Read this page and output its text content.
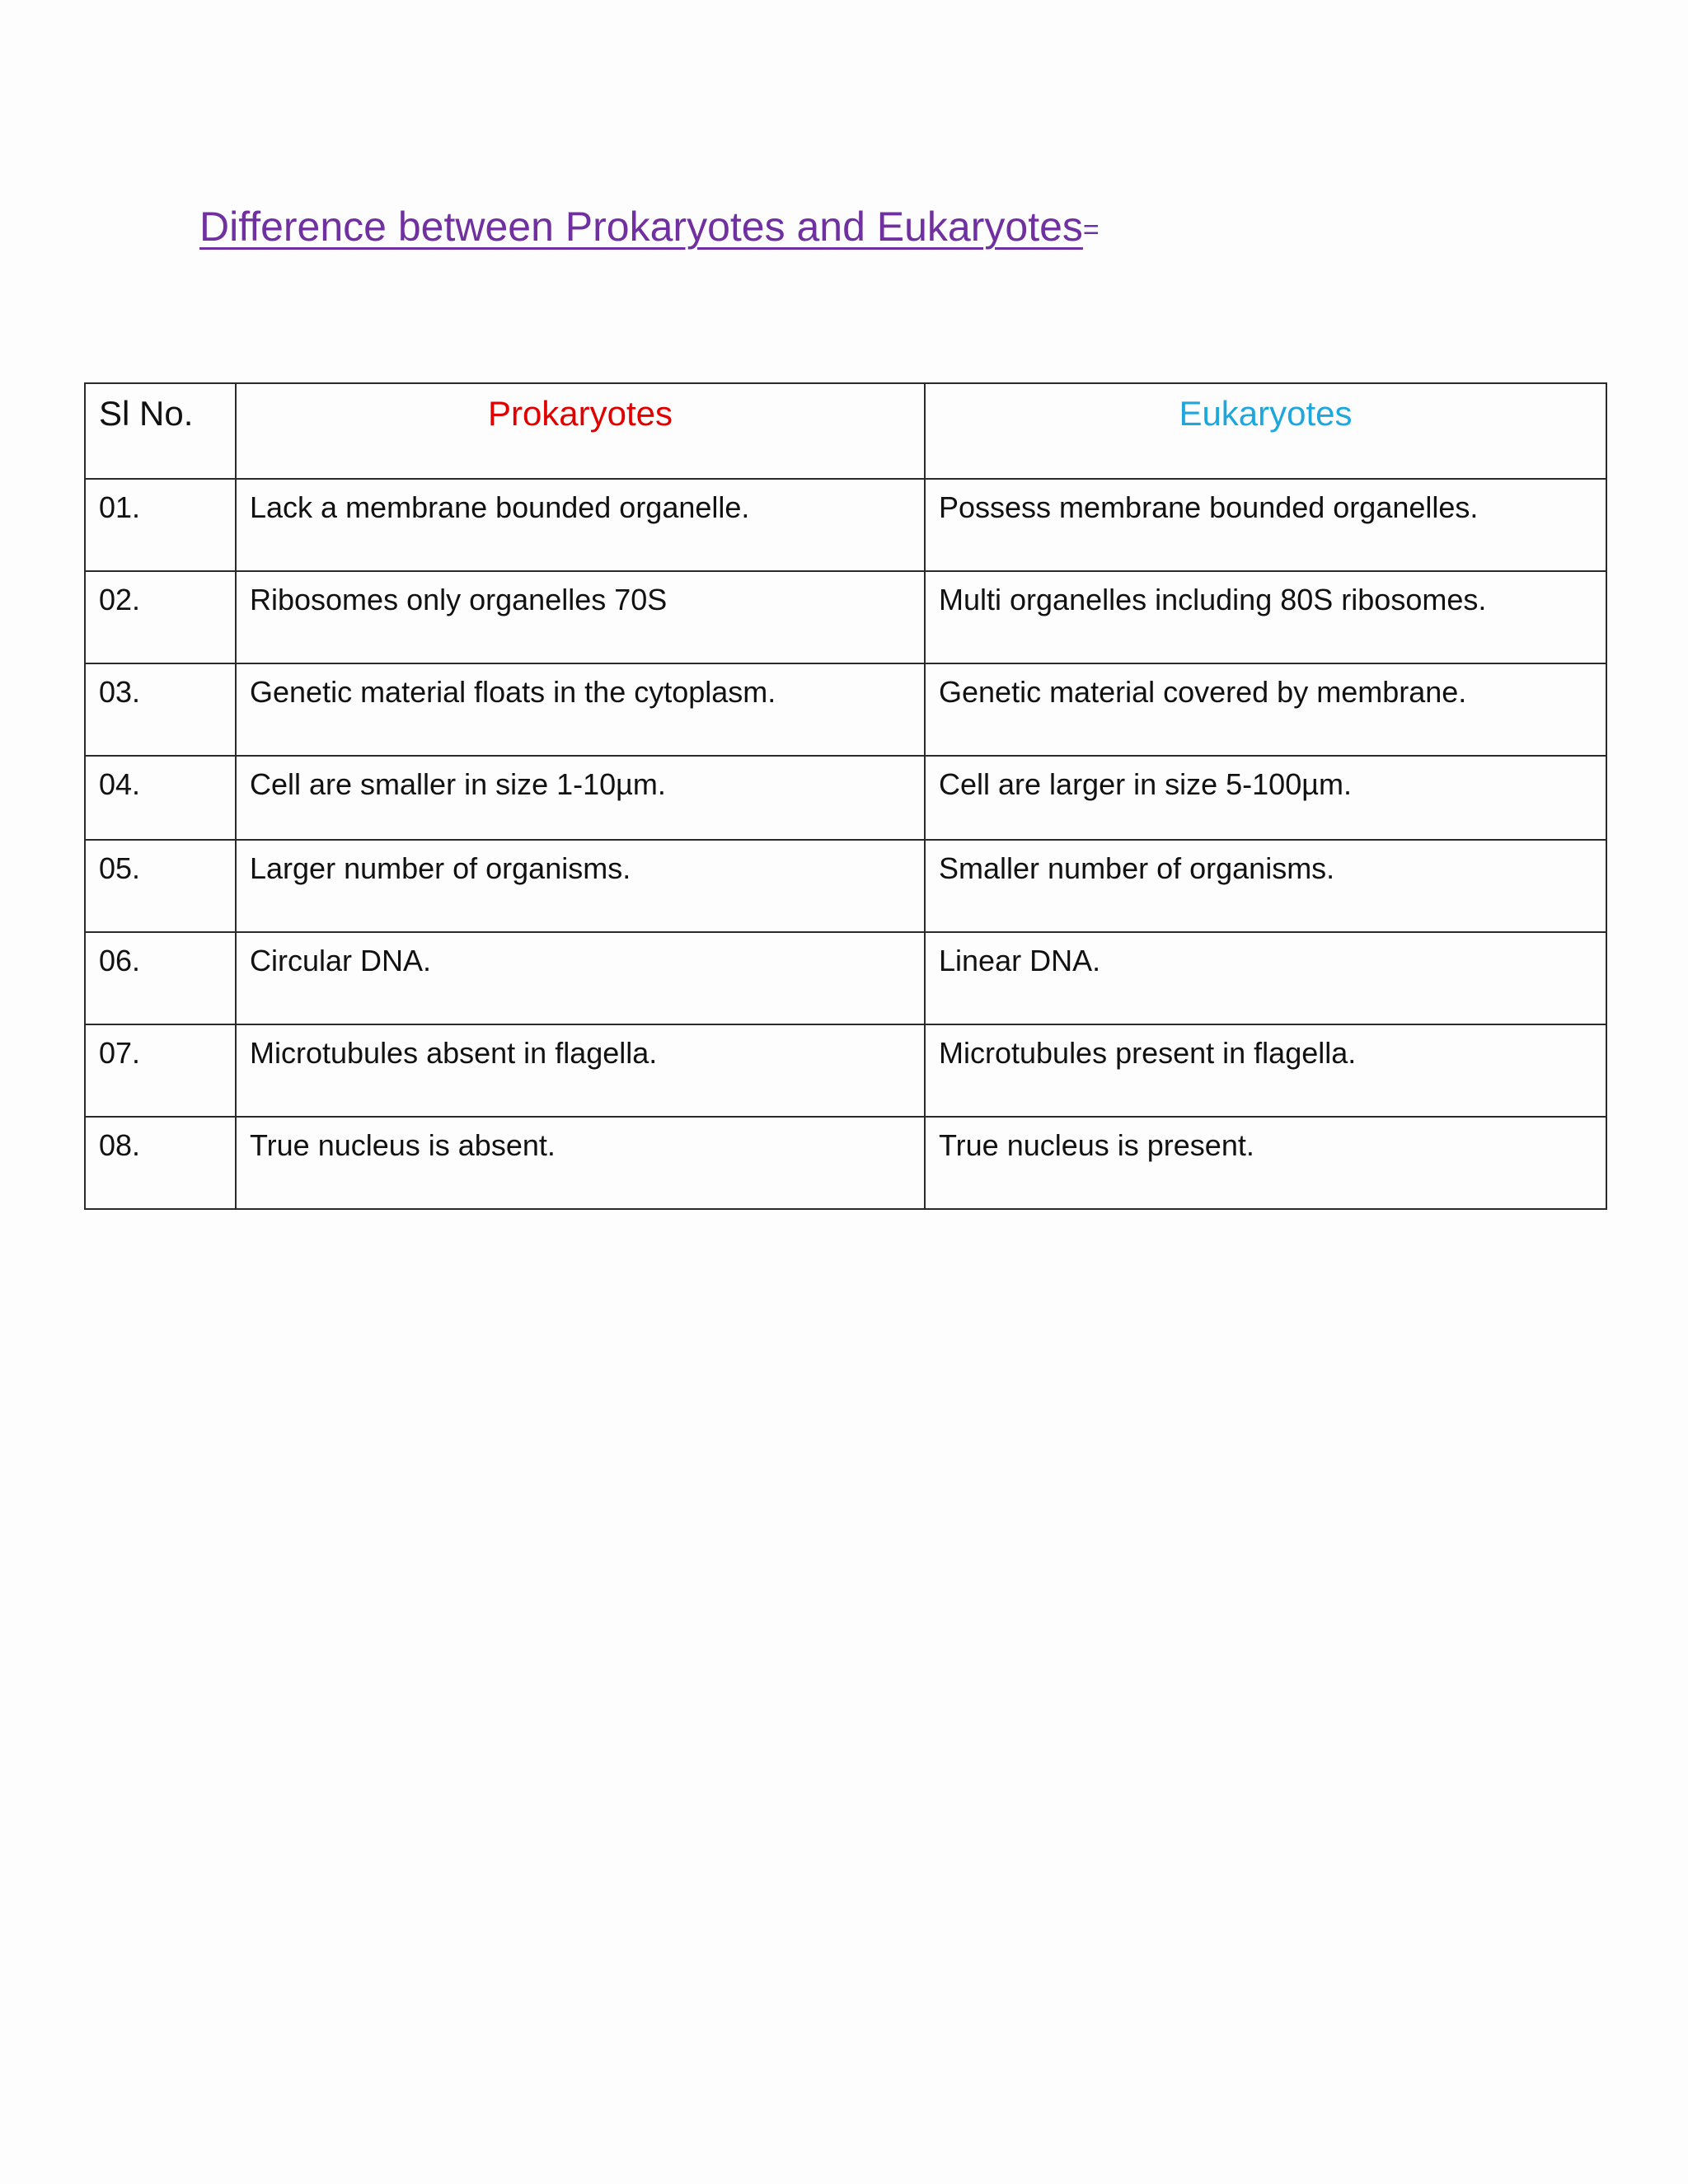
Difference between Prokaryotes and Eukaryotes=
Sl No.	Prokaryotes	Eukaryotes
01.	Lack a membrane bounded organelle.	Possess membrane bounded organelles.
02.	Ribosomes only organelles 70S	Multi organelles including 80S ribosomes.
03.	Genetic material floats in the cytoplasm.	Genetic material covered by membrane.
04.	Cell are smaller in size 1-10µm.	Cell are larger in size 5-100µm.
05.	Larger number of organisms.	Smaller number of organisms.
06.	Circular DNA.	Linear DNA.
07.	Microtubules absent in flagella.	Microtubules present in flagella.
08.	True nucleus is absent.	True nucleus is present.
